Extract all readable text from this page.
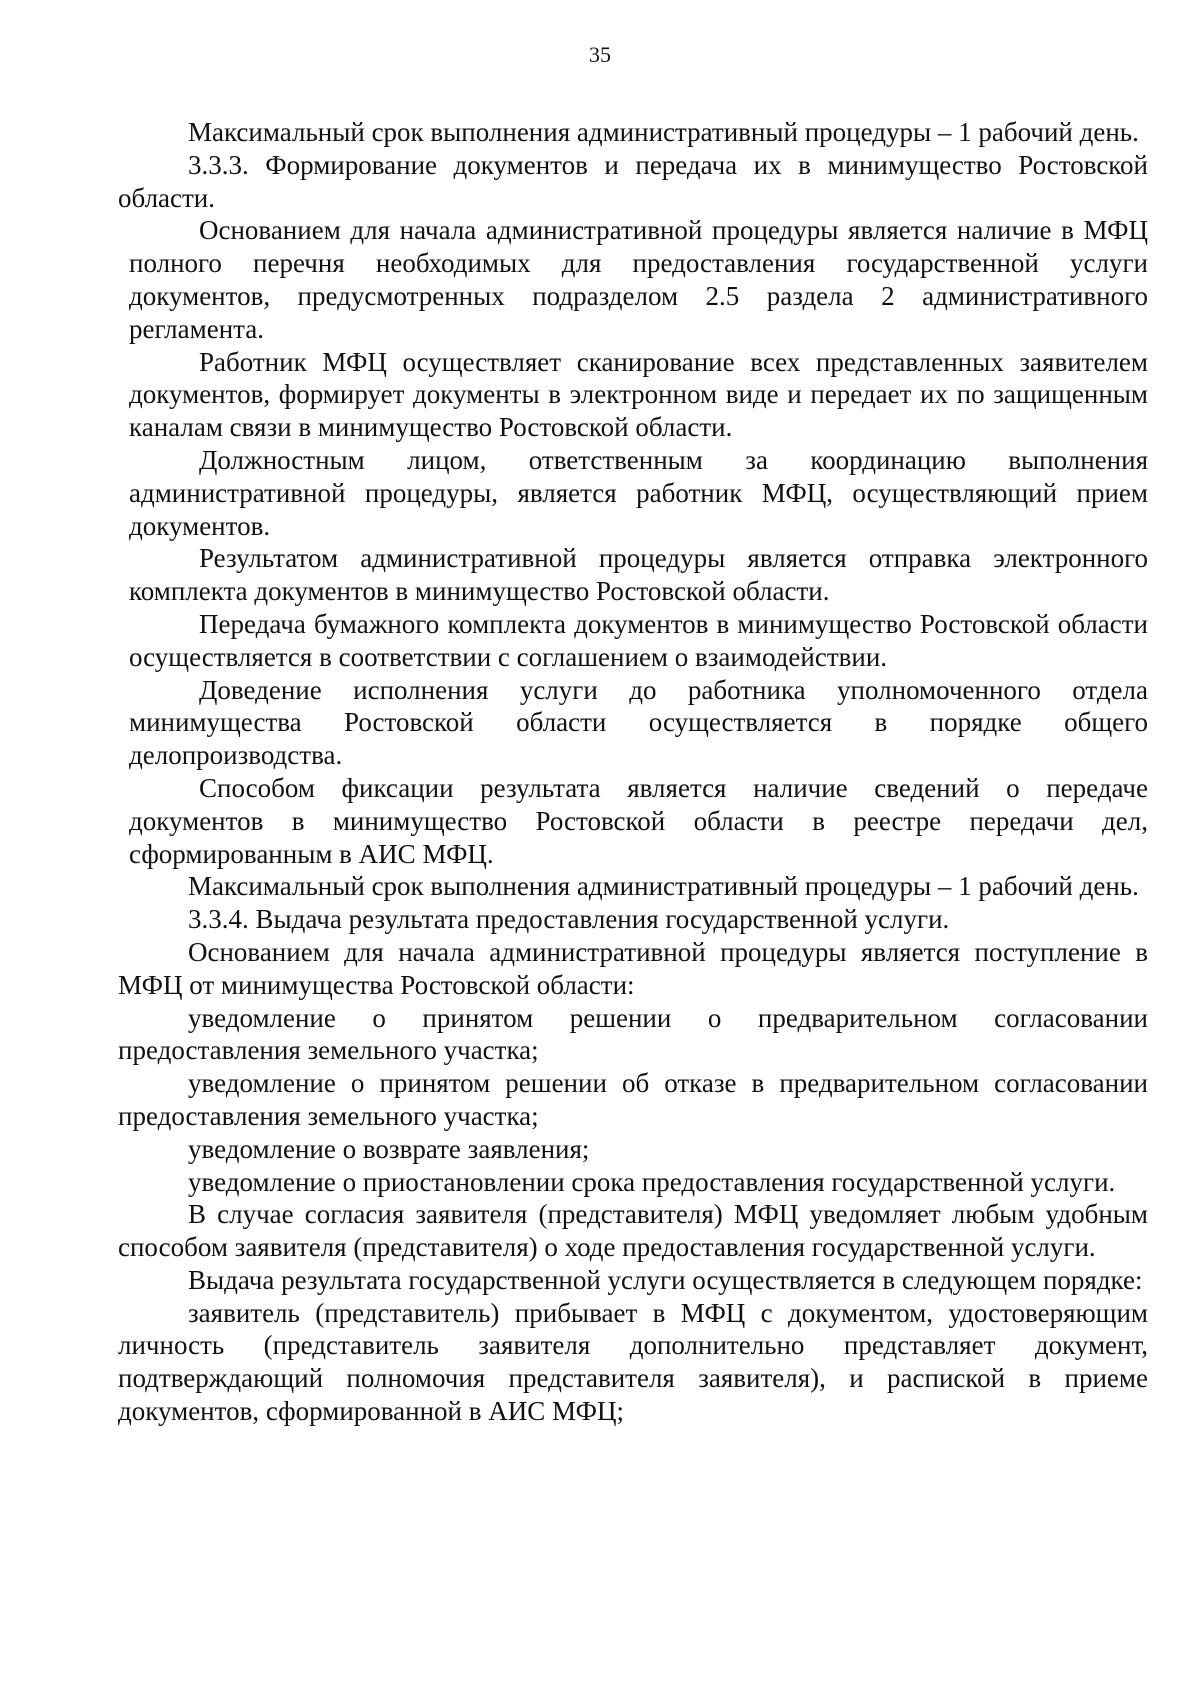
35

Максимальный срок выполнения административный процедуры – 1 рабочий день.

3.3.3. Формирование документов и передача их в минимущество Ростовской области.

Основанием для начала административной процедуры является наличие в МФЦ полного перечня необходимых для предоставления государственной услуги документов, предусмотренных подразделом 2.5 раздела 2 административного регламента.

Работник МФЦ осуществляет сканирование всех представленных заявителем документов, формирует документы в электронном виде и передает их по защищенным каналам связи в минимущество Ростовской области.

Должностным лицом, ответственным за координацию выполнения административной процедуры, является работник МФЦ, осуществляющий прием документов.

Результатом административной процедуры является отправка электронного комплекта документов в минимущество Ростовской области.

Передача бумажного комплекта документов в минимущество Ростовской области осуществляется в соответствии с соглашением о взаимодействии.

Доведение исполнения услуги до работника уполномоченного отдела минимущества Ростовской области осуществляется в порядке общего делопроизводства.

Способом фиксации результата является наличие сведений о передаче документов в минимущество Ростовской области в реестре передачи дел, сформированным в АИС МФЦ.

Максимальный срок выполнения административный процедуры – 1 рабочий день.

3.3.4. Выдача результата предоставления государственной услуги.

Основанием для начала административной процедуры является поступление в МФЦ от минимущества Ростовской области:

уведомление о принятом решении о предварительном согласовании предоставления земельного участка;

уведомление о принятом решении об отказе в предварительном согласовании предоставления земельного участка;

уведомление о возврате заявления;

уведомление о приостановлении срока предоставления государственной услуги.

В случае согласия заявителя (представителя) МФЦ уведомляет любым удобным способом заявителя (представителя) о ходе предоставления государственной услуги.

Выдача результата государственной услуги осуществляется в следующем порядке:

заявитель (представитель) прибывает в МФЦ с документом, удостоверяющим личность (представитель заявителя дополнительно представляет документ, подтверждающий полномочия представителя заявителя), и распиской в приеме документов, сформированной в АИС МФЦ;
